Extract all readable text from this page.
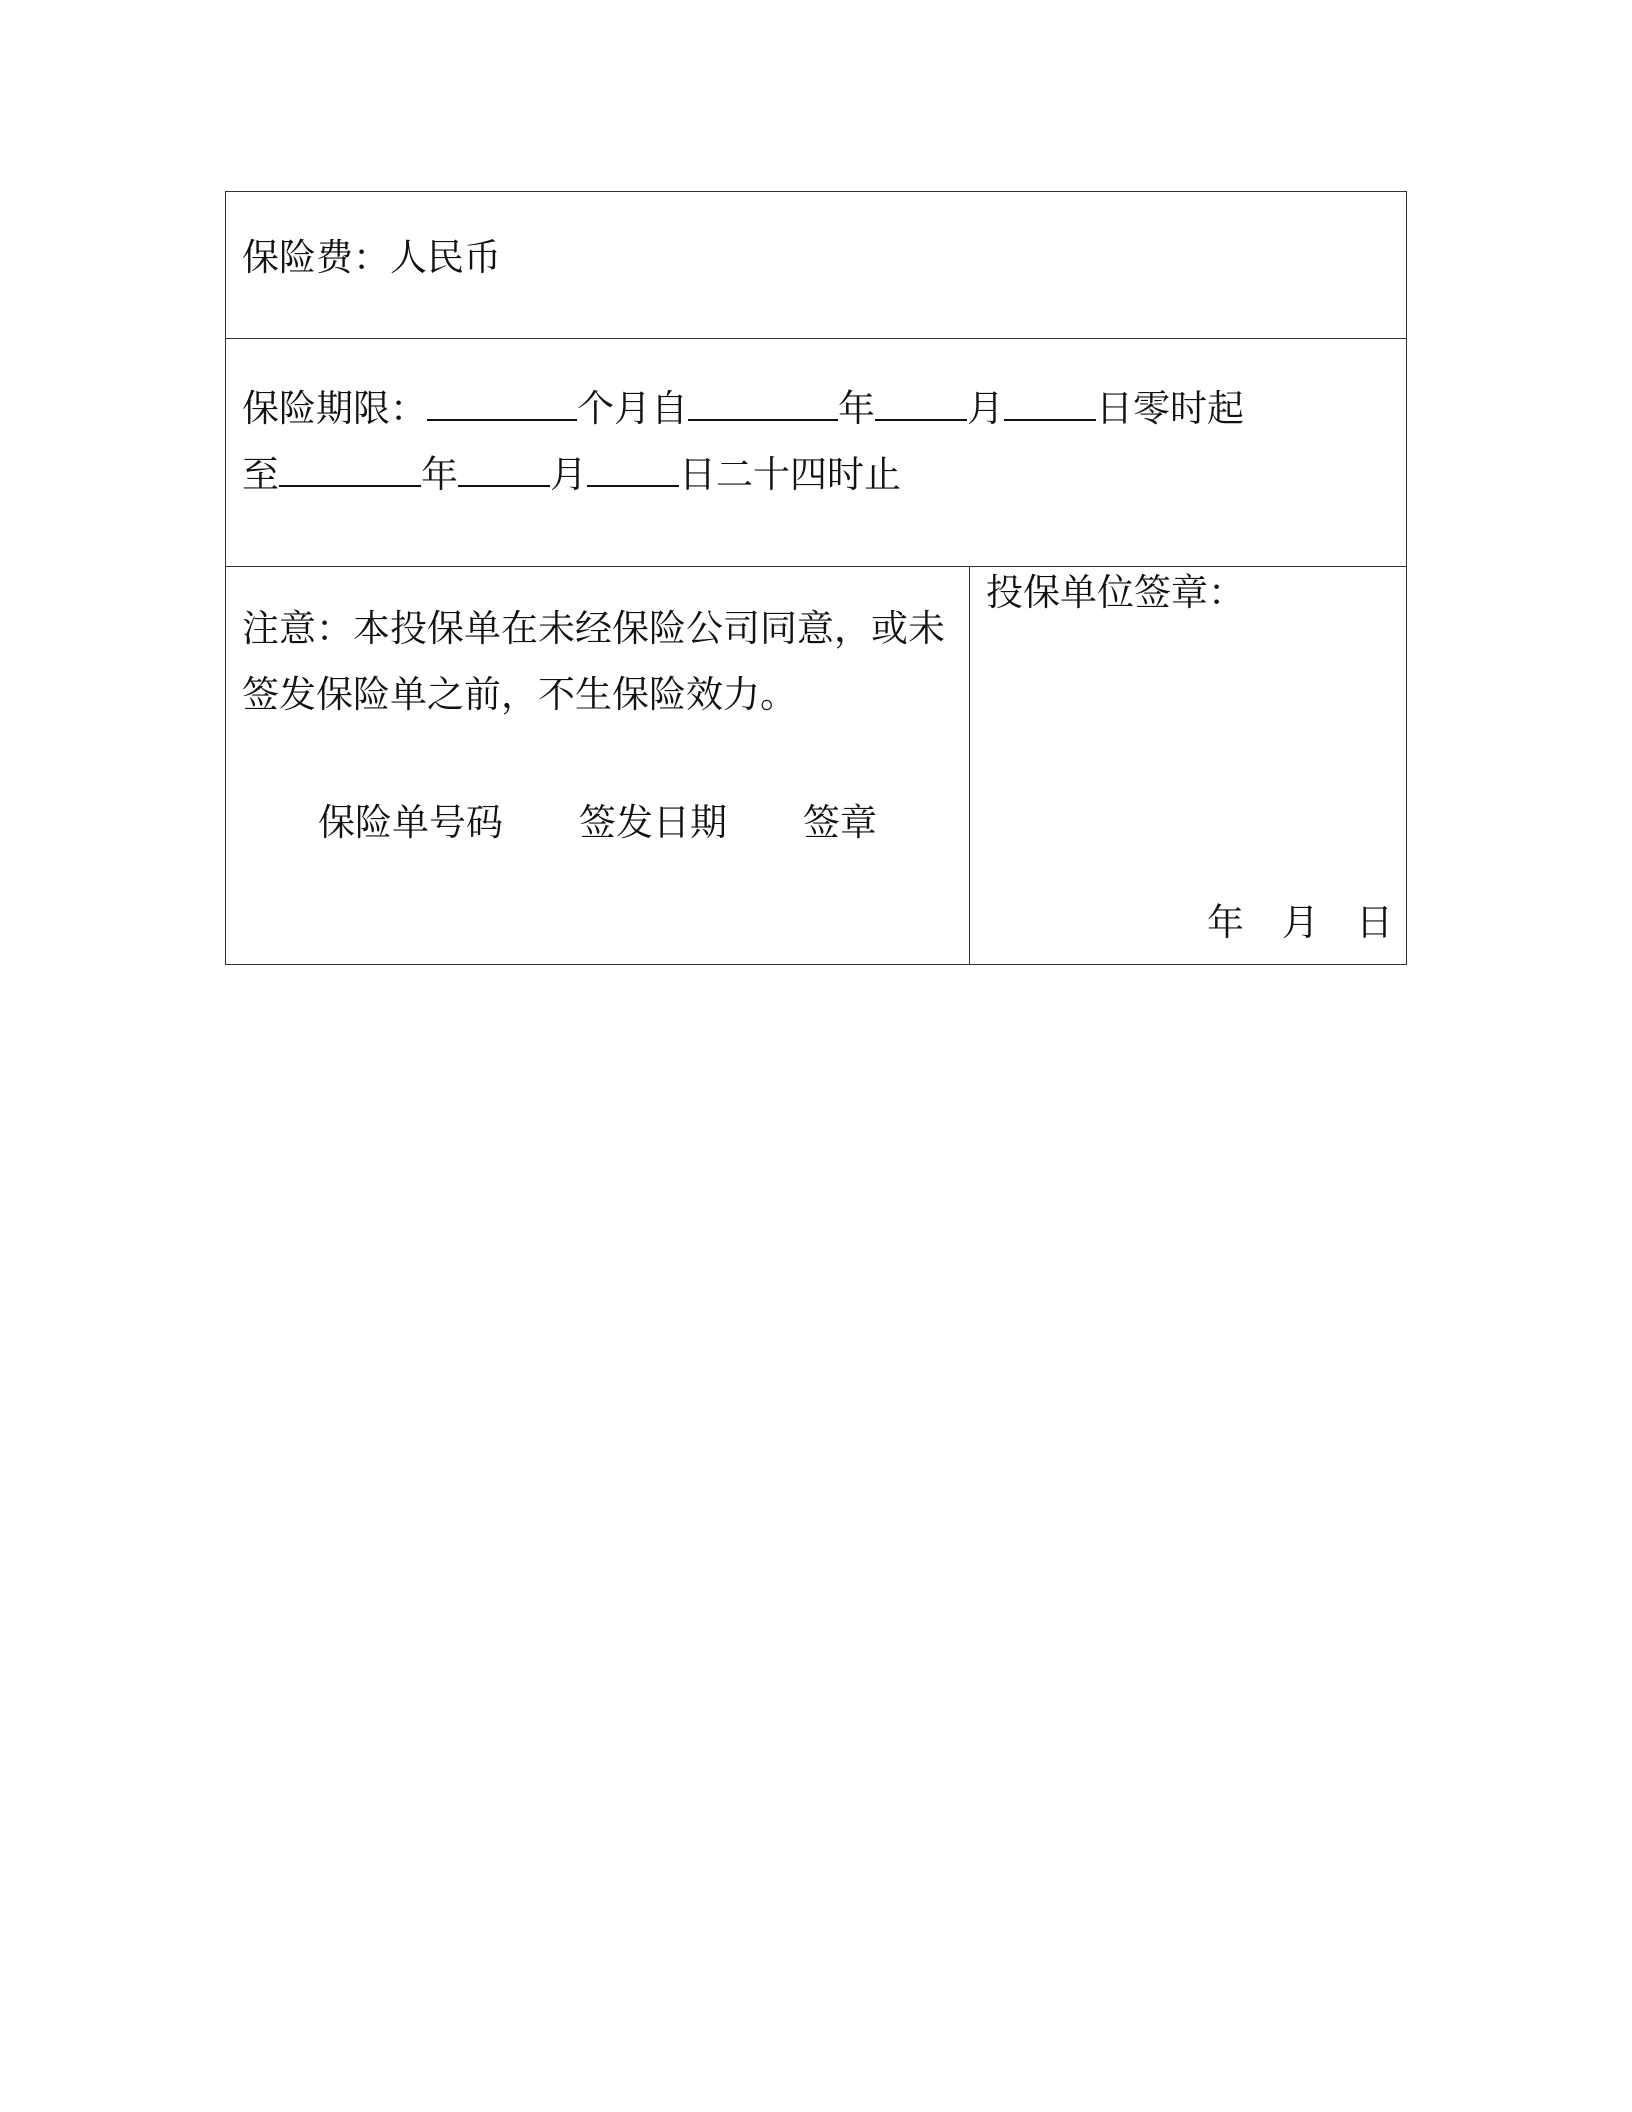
保险费：人民币
保险期限：	个月自	年 月 日零时起
至	年 月 日二十四时止
注意：本投保单在未经保险公司同意，或未
签发保险单之前，不生保险效力。
保险单号码 签发日期 签章
投保单位签章：
年 月 日
